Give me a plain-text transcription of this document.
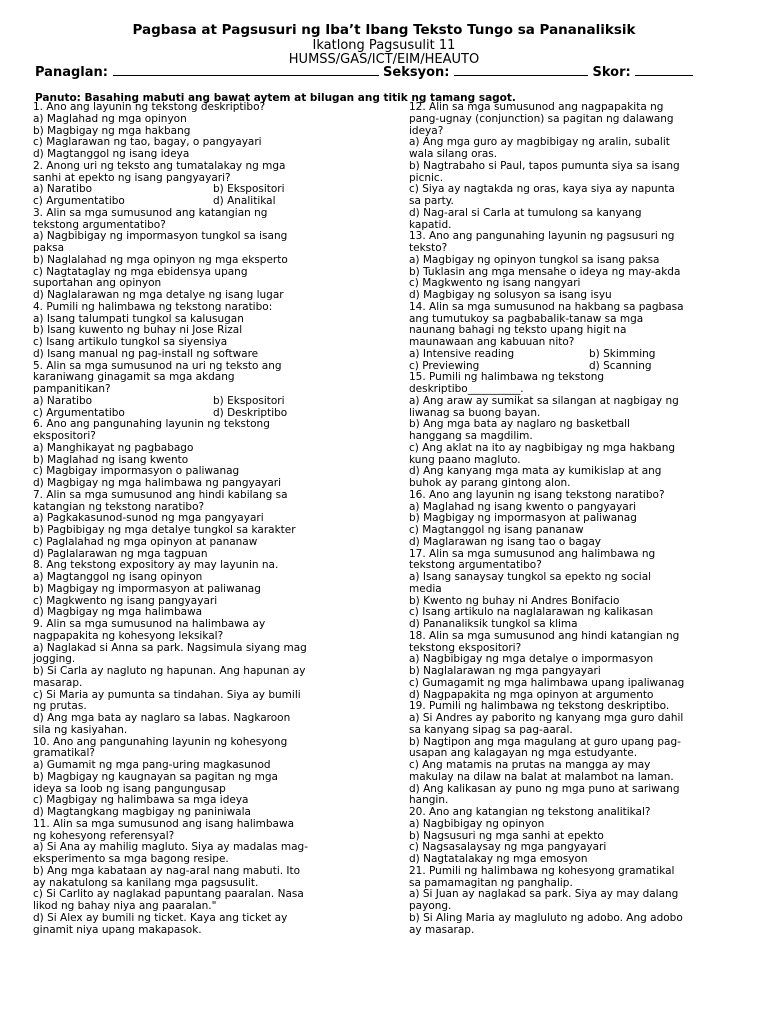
Pagbasa at Pagsusuri ng Iba’t Ibang Teksto Tungo sa Pananaliksik
Ikatlong Pagsusulit 11
HUMSS/GAS/ICT/EIM/HEAUTO
Panaglan:	Seksyon:	Skor:
Panuto: Basahing mabuti ang bawat aytem at bilugan ang titik ng tamang sagot.
1. Ano ang layunin ng tekstong deskriptibo?
a) Maglahad ng mga opinyon
b) Magbigay ng mga hakbang
c) Maglarawan ng tao, bagay, o pangyayari
d) Magtanggol ng isang ideya
2. Anong uri ng teksto ang tumatalakay ng mga
sanhi at epekto ng isang pangyayari?
a) Naratibo	b) Ekspositori
c) Argumentatibo	d) Analitikal
3. Alin sa mga sumusunod ang katangian ng
tekstong argumentatibo?
a) Nagbibigay ng impormasyon tungkol sa isang
paksa
b) Naglalahad ng mga opinyon ng mga eksperto
c) Nagtataglay ng mga ebidensya upang
suportahan ang opinyon
d) Naglalarawan ng mga detalye ng isang lugar
4. Pumili ng halimbawa ng tekstong naratibo:
a) Isang talumpati tungkol sa kalusugan
b) Isang kuwento ng buhay ni Jose Rizal
c) Isang artikulo tungkol sa siyensiya
d) Isang manual ng pag-install ng software
5. Alin sa mga sumusunod na uri ng teksto ang
karaniwang ginagamit sa mga akdang
pampanitikan?
a) Naratibo	b) Ekspositori
c) Argumentatibo	d) Deskriptibo
6. Ano ang pangunahing layunin ng tekstong
ekspositori?
a) Manghikayat ng pagbabago
b) Maglahad ng isang kwento
c) Magbigay impormasyon o paliwanag
d) Magbigay ng mga halimbawa ng pangyayari
7. Alin sa mga sumusunod ang hindi kabilang sa
katangian ng tekstong naratibo?
a) Pagkakasunod-sunod ng mga pangyayari
b) Pagbibigay ng mga detalye tungkol sa karakter
c) Paglalahad ng mga opinyon at pananaw
d) Paglalarawan ng mga tagpuan
8. Ang tekstong expository ay may layunin na.
a) Magtanggol ng isang opinyon
b) Magbigay ng impormasyon at paliwanag
c) Magkwento ng isang pangyayari
d) Magbigay ng mga halimbawa
9. Alin sa mga sumusunod na halimbawa ay
nagpapakita ng kohesyong leksikal?
a) Naglakad si Anna sa park. Nagsimula siyang mag
jogging.
b) Si Carla ay nagluto ng hapunan. Ang hapunan ay
masarap.
c) Si Maria ay pumunta sa tindahan. Siya ay bumili
ng prutas.
d) Ang mga bata ay naglaro sa labas. Nagkaroon
sila ng kasiyahan.
10. Ano ang pangunahing layunin ng kohesyong
gramatikal?
a) Gumamit ng mga pang-uring magkasunod
b) Magbigay ng kaugnayan sa pagitan ng mga
ideya sa loob ng isang pangungusap
c) Magbigay ng halimbawa sa mga ideya
d) Magtangkang magbigay ng paniniwala
11. Alin sa mga sumusunod ang isang halimbawa
ng kohesyong referensyal?
a) Si Ana ay mahilig magluto. Siya ay madalas mag-
eksperimento sa mga bagong resipe.
b) Ang mga kabataan ay nag-aral nang mabuti. Ito
ay nakatulong sa kanilang mga pagsusulit.
c) Si Carlito ay naglakad papuntang paaralan. Nasa
likod ng bahay niya ang paaralan."
d) Si Alex ay bumili ng ticket. Kaya ang ticket ay
ginamit niya upang makapasok.
12. Alin sa mga sumusunod ang nagpapakita ng
pang-ugnay (conjunction) sa pagitan ng dalawang
ideya?
a) Ang mga guro ay magbibigay ng aralin, subalit
wala silang oras.
b) Nagtrabaho si Paul, tapos pumunta siya sa isang
picnic.
c) Siya ay nagtakda ng oras, kaya siya ay napunta
sa party.
d) Nag-aral si Carla at tumulong sa kanyang
kapatid.
13. Ano ang pangunahing layunin ng pagsusuri ng
teksto?
a) Magbigay ng opinyon tungkol sa isang paksa
b) Tuklasin ang mga mensahe o ideya ng may-akda
c) Magkwento ng isang nangyari
d) Magbigay ng solusyon sa isang isyu
14. Alin sa mga sumusunod na hakbang sa pagbasa
ang tumutukoy sa pagbabalik-tanaw sa mga
naunang bahagi ng teksto upang higit na
maunawaan ang kabuuan nito?
a) Intensive reading	b) Skimming
c) Previewing	d) Scanning
15. Pumili ng halimbawa ng tekstong
deskriptibo__________.
a) Ang araw ay sumikat sa silangan at nagbigay ng
liwanag sa buong bayan.
b) Ang mga bata ay naglaro ng basketball
hanggang sa magdilim.
c) Ang aklat na ito ay nagbibigay ng mga hakbang
kung paano magluto.
d) Ang kanyang mga mata ay kumikislap at ang
buhok ay parang gintong alon.
16. Ano ang layunin ng isang tekstong naratibo?
a) Maglahad ng isang kwento o pangyayari
b) Magbigay ng impormasyon at paliwanag
c) Magtanggol ng isang pananaw
d) Maglarawan ng isang tao o bagay
17. Alin sa mga sumusunod ang halimbawa ng
tekstong argumentatibo?
a) Isang sanaysay tungkol sa epekto ng social
media
b) Kwento ng buhay ni Andres Bonifacio
c) Isang artikulo na naglalarawan ng kalikasan
d) Pananaliksik tungkol sa klima
18. Alin sa mga sumusunod ang hindi katangian ng
tekstong ekspositori?
a) Nagbibigay ng mga detalye o impormasyon
b) Naglalarawan ng mga pangyayari
c) Gumagamit ng mga halimbawa upang ipaliwanag
d) Nagpapakita ng mga opinyon at argumento
19. Pumili ng halimbawa ng tekstong deskriptibo.
a) Si Andres ay paborito ng kanyang mga guro dahil
sa kanyang sipag sa pag-aaral.
b) Nagtipon ang mga magulang at guro upang pag-
usapan ang kalagayan ng mga estudyante.
c) Ang matamis na prutas na mangga ay may
makulay na dilaw na balat at malambot na laman.
d) Ang kalikasan ay puno ng mga puno at sariwang
hangin.
20. Ano ang katangian ng tekstong analitikal?
a) Nagbibigay ng opinyon
b) Nagsusuri ng mga sanhi at epekto
c) Nagsasalaysay ng mga pangyayari
d) Nagtatalakay ng mga emosyon
21. Pumili ng halimbawa ng kohesyong gramatikal
sa pamamagitan ng panghalip.
a) Si Juan ay naglakad sa park. Siya ay may dalang
payong.
b) Si Aling Maria ay magluluto ng adobo. Ang adobo
ay masarap.
